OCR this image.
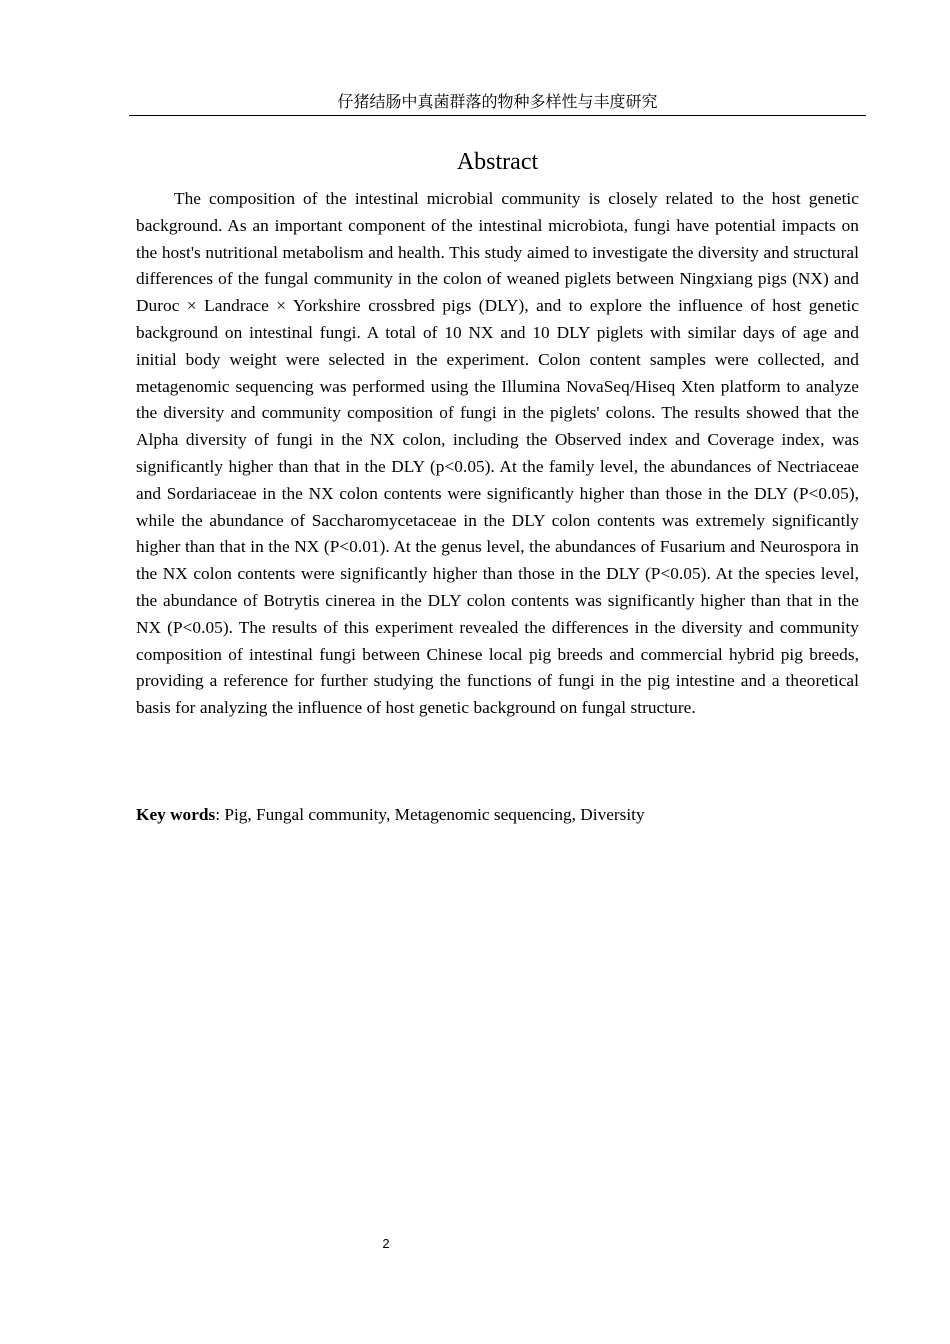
仔猪结肠中真菌群落的物种多样性与丰度研究
Abstract

The composition of the intestinal microbial community is closely related to the host genetic background. As an important component of the intestinal microbiota, fungi have potential impacts on the host's nutritional metabolism and health. This study aimed to investigate the diversity and structural differences of the fungal community in the colon of weaned piglets between Ningxiang pigs (NX) and Duroc × Landrace × Yorkshire crossbred pigs (DLY), and to explore the influence of host genetic background on intestinal fungi. A total of 10 NX and 10 DLY piglets with similar days of age and initial body weight were selected in the experiment. Colon content samples were collected, and metagenomic sequencing was performed using the Illumina NovaSeq/Hiseq Xten platform to analyze the diversity and community composition of fungi in the piglets' colons. The results showed that the Alpha diversity of fungi in the NX colon, including the Observed index and Coverage index, was significantly higher than that in the DLY (p<0.05). At the family level, the abundances of Nectriaceae and Sordariaceae in the NX colon contents were significantly higher than those in the DLY (P<0.05), while the abundance of Saccharomycetaceae in the DLY colon contents was extremely significantly higher than that in the NX (P<0.01). At the genus level, the abundances of Fusarium and Neurospora in the NX colon contents were significantly higher than those in the DLY (P<0.05). At the species level, the abundance of Botrytis cinerea in the DLY colon contents was significantly higher than that in the NX (P<0.05). The results of this experiment revealed the differences in the diversity and community composition of intestinal fungi between Chinese local pig breeds and commercial hybrid pig breeds, providing a reference for further studying the functions of fungi in the pig intestine and a theoretical basis for analyzing the influence of host genetic background on fungal structure.

Key words: Pig, Fungal community, Metagenomic sequencing, Diversity
2
